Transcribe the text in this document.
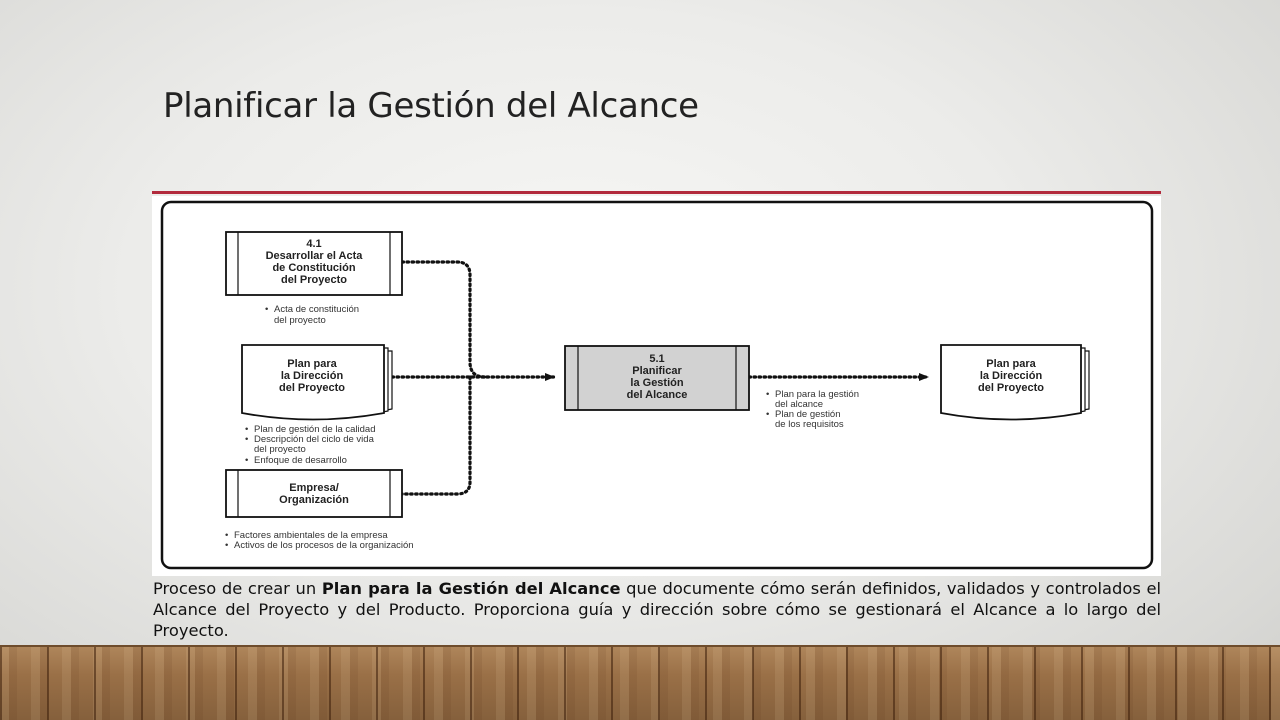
Planificar la Gestión del Alcance
4.1
Desarrollar el Acta
de Constitución
del Proyecto
• Acta de constitución
del proyecto
Plan para
la Dirección
del Proyecto
• Plan de gestión de la calidad
• Descripción del ciclo de vida
del proyecto
• Enfoque de desarrollo
Empresa/
Organización
• Factores ambientales de la empresa
• Activos de los procesos de la organización
5.1
Planificar
la Gestión
del Alcance	• Plan para la gestión
del alcance
• Plan de gestión
de los requisitos
Plan para
la Dirección
del Proyecto

Proceso de crear un Plan para la Gestión del Alcance que documente cómo serán definidos, validados y controlados el Alcance del Proyecto y del Producto. Proporciona guía y dirección sobre cómo se gestionará el Alcance a lo largo del Proyecto.
